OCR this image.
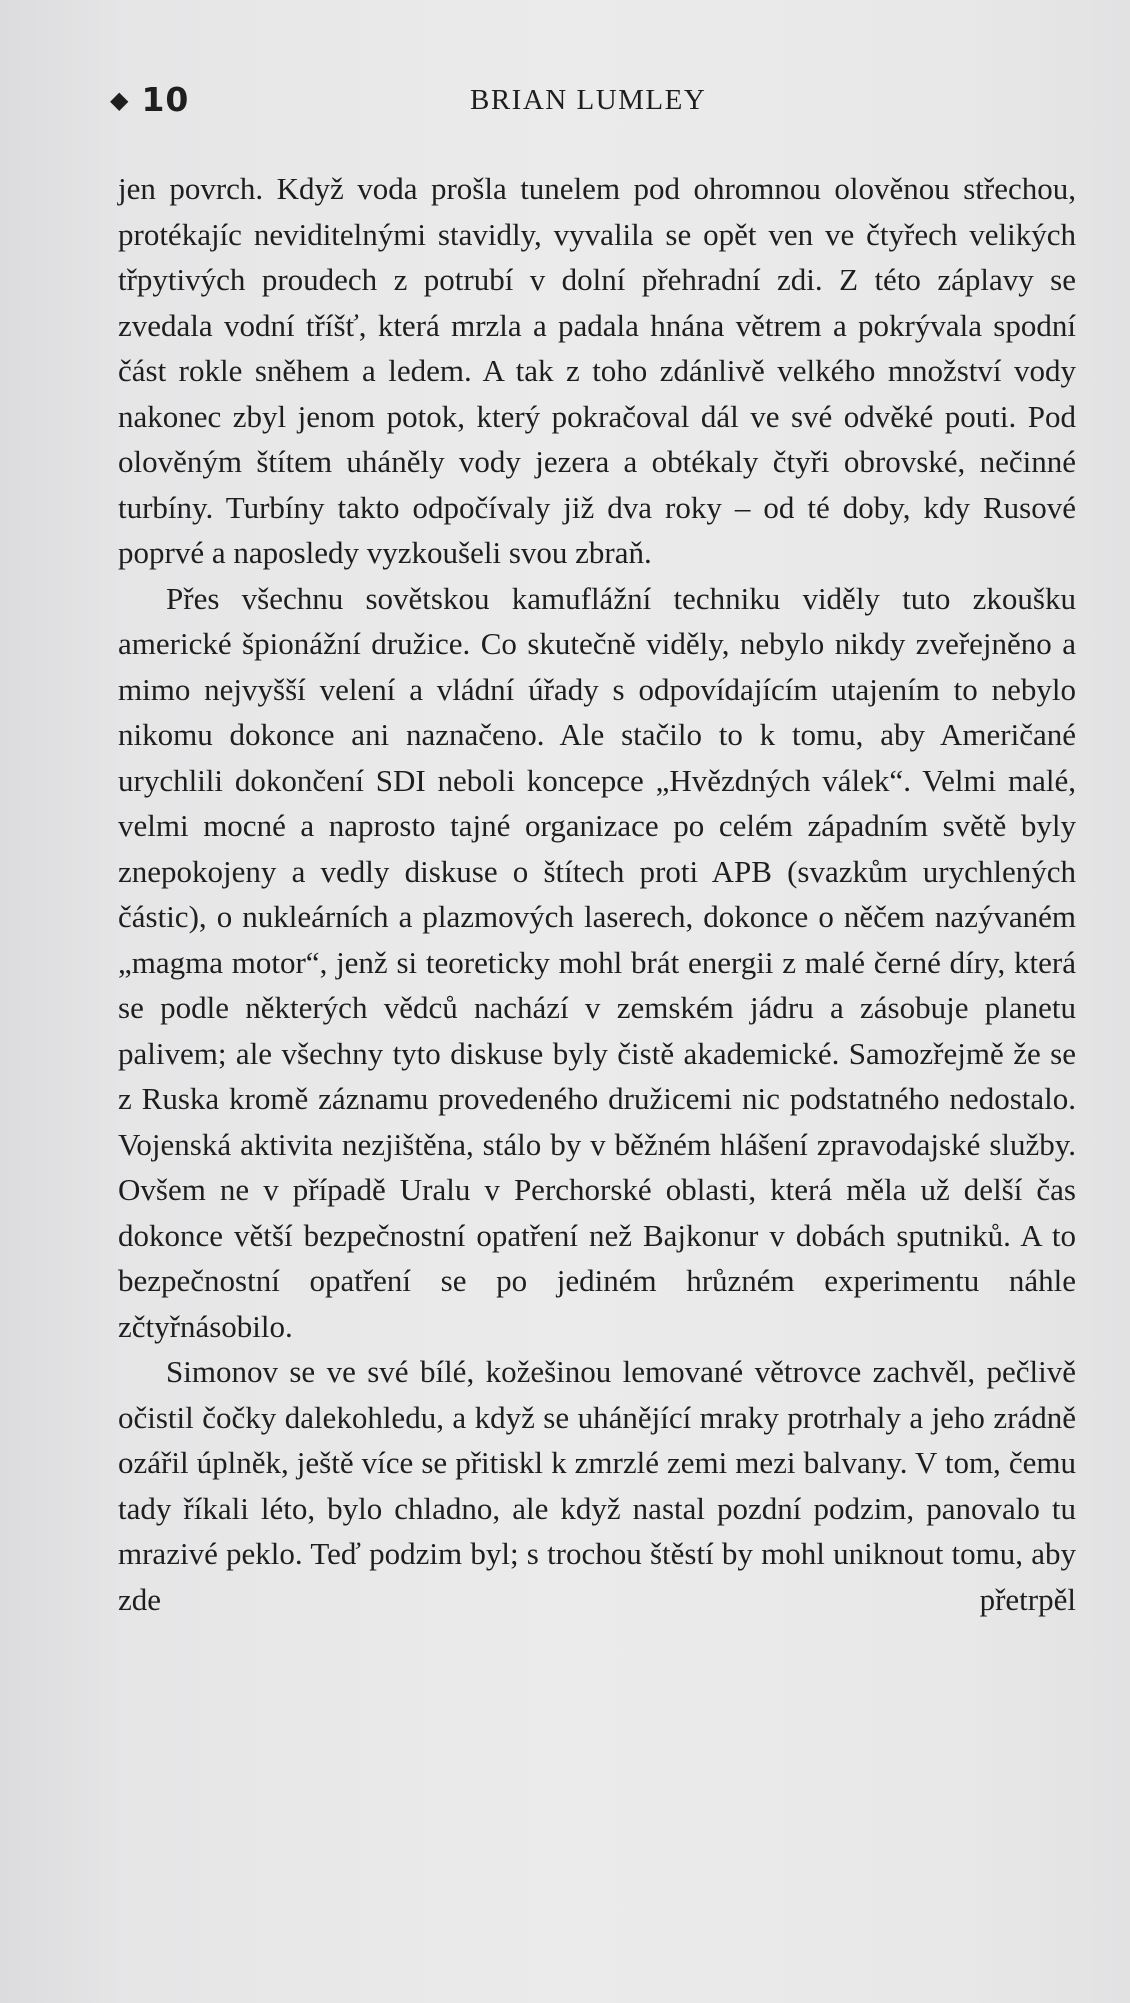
◆ 10	BRIAN LUMLEY

jen povrch. Když voda prošla tunelem pod ohromnou olověnou střechou, protékajíc neviditelnými stavidly, vyvalila se opět ven ve čtyřech velikých třpytivých proudech z potrubí v dolní přehradní zdi. Z této záplavy se zvedala vodní tříšť, která mrzla a padala hnána větrem a pokrývala spodní část rokle sněhem a ledem. A tak z toho zdánlivě velkého množství vody nakonec zbyl jenom potok, který pokračoval dál ve své odvěké pouti. Pod olověným štítem uháněly vody jezera a obtékaly čtyři obrovské, nečinné turbíny. Turbíny takto odpočívaly již dva roky – od té doby, kdy Rusové poprvé a naposledy vyzkoušeli svou zbraň.

Přes všechnu sovětskou kamuflážní techniku viděly tuto zkoušku americké špionážní družice. Co skutečně viděly, nebylo nikdy zveřejněno a mimo nejvyšší velení a vládní úřady s odpovídajícím utajením to nebylo nikomu dokonce ani naznačeno. Ale stačilo to k tomu, aby Američané urychlili dokončení SDI neboli koncepce „Hvězdných válek“. Velmi malé, velmi mocné a naprosto tajné organizace po celém západním světě byly znepokojeny a vedly diskuse o štítech proti APB (svazkům urychlených částic), o nukleárních a plazmových laserech, dokonce o něčem nazývaném „magma motor“, jenž si teoreticky mohl brát energii z malé černé díry, která se podle některých vědců nachází v zemském jádru a zásobuje planetu palivem; ale všechny tyto diskuse byly čistě akademické. Samozřejmě že se z Ruska kromě záznamu provedeného družicemi nic podstatného nedostalo. Vojenská aktivita nezjištěna, stálo by v běžném hlášení zpravodajské služby. Ovšem ne v případě Uralu v Perchorské oblasti, která měla už delší čas dokonce větší bezpečnostní opatření než Bajkonur v dobách sputniků. A to bezpečnostní opatření se po jediném hrůzném experimentu náhle zčtyřnásobilo.

Simonov se ve své bílé, kožešinou lemované větrovce zachvěl, pečlivě očistil čočky dalekohledu, a když se uhánějící mraky protrhaly a jeho zrádně ozářil úplněk, ještě více se přitiskl k zmrzlé zemi mezi balvany. V tom, čemu tady říkali léto, bylo chladno, ale když nastal pozdní podzim, panovalo tu mrazivé peklo. Teď podzim byl; s trochou štěstí by mohl uniknout tomu, aby zde přetrpěl
